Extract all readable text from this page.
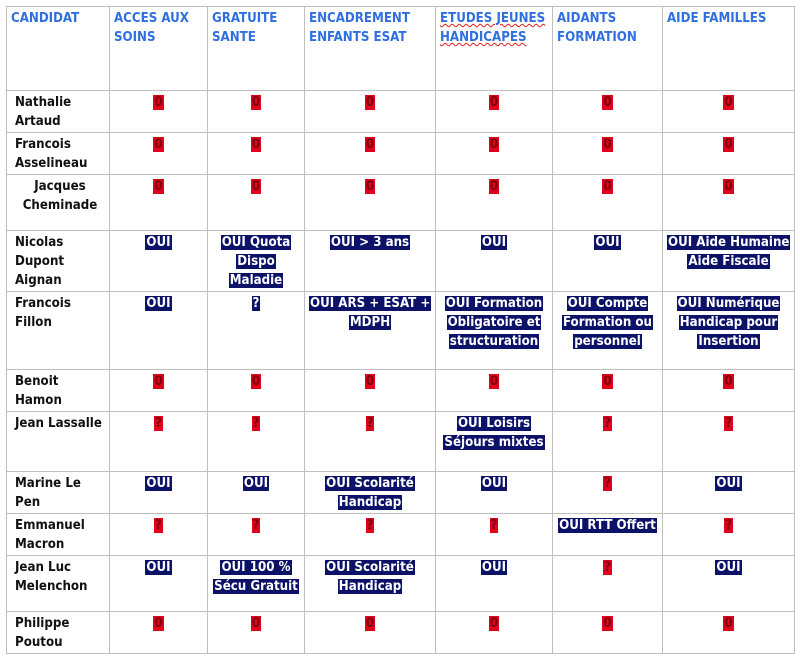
CANDIDAT	ACCES AUX SOINS	GRATUITE SANTE	ENCADREMENT ENFANTS ESAT	ETUDES JEUNES HANDICAPES	AIDANTS FORMATION	AIDE FAMILLES
Nathalie Artaud	0	0	0	0	0	0
Francois Asselineau	0	0	0	0	0	0
Jacques Cheminade	0	0	0	0	0	0
Nicolas Dupont Aignan	OUI	OUI Quota Dispo Maladie	OUI > 3 ans	OUI	OUI	OUI Aide Humaine Aide Fiscale
Francois Fillon	OUI	?	OUI ARS + ESAT + MDPH	OUI Formation Obligatoire et structuration	OUI Compte Formation ou personnel	OUI Numérique Handicap pour Insertion
Benoit Hamon	0	0	0	0	0	0
Jean Lassalle	?	?	?	OUI Loisirs Séjours mixtes	?	?
Marine Le Pen	OUI	OUI	OUI Scolarité Handicap	OUI	?	OUI
Emmanuel Macron	?	?	?	?	OUI RTT Offert	?
Jean Luc Melenchon	OUI	OUI 100 % Sécu Gratuit	OUI Scolarité Handicap	OUI	?	OUI
Philippe Poutou	0	0	0	0	0	0
